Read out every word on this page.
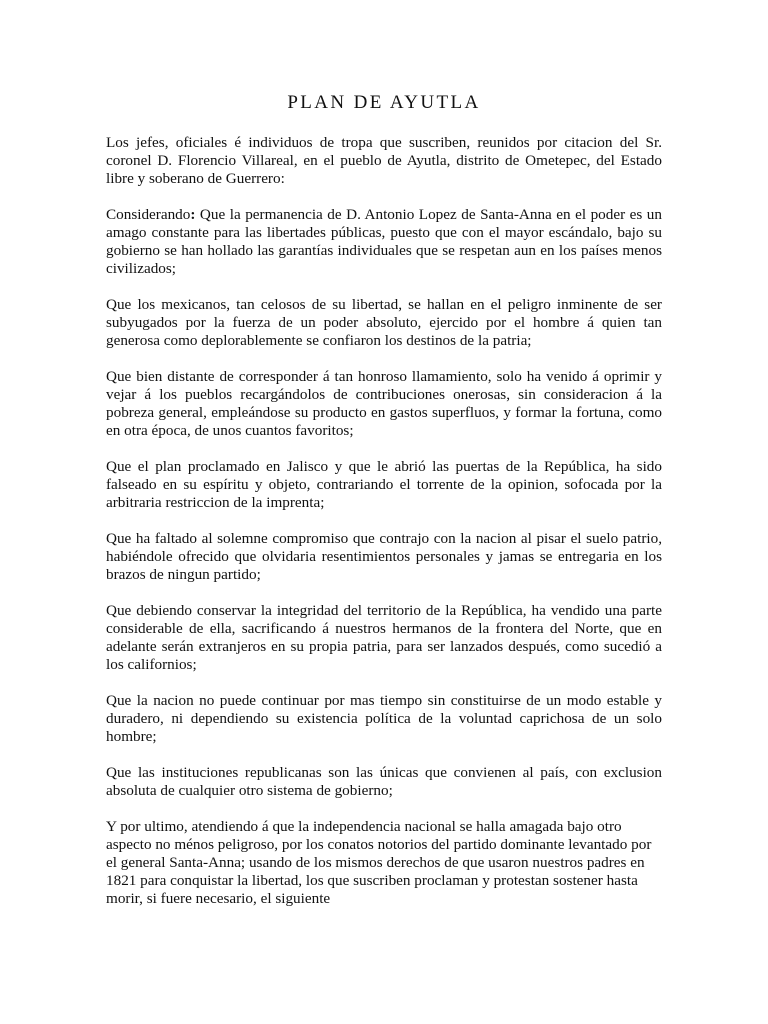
PLAN DE AYUTLA

Los jefes, oficiales é individuos de tropa que suscriben, reunidos por citacion del Sr. coronel D. Florencio Villareal, en el pueblo de Ayutla, distrito de Ometepec, del Estado libre y soberano de Guerrero:

Considerando: Que la permanencia de D. Antonio Lopez de Santa-Anna en el poder es un amago constante para las libertades públicas, puesto que con el mayor escándalo, bajo su gobierno se han hollado las garantías individuales que se respetan aun en los países menos civilizados;

Que los mexicanos, tan celosos de su libertad, se hallan en el peligro inminente de ser subyugados por la fuerza de un poder absoluto, ejercido por el hombre á quien tan generosa como deplorablemente se confiaron los destinos de la patria;

Que bien distante de corresponder á tan honroso llamamiento, solo ha venido á oprimir y vejar á los pueblos recargándolos de contribuciones onerosas, sin consideracion á la pobreza general, empleándose su producto en gastos superfluos, y formar la fortuna, como en otra época, de unos cuantos favoritos;

Que el plan proclamado en Jalisco y que le abrió las puertas de la República, ha sido falseado en su espíritu y objeto, contrariando el torrente de la opinion, sofocada por la arbitraria restriccion de la imprenta;

Que ha faltado al solemne compromiso que contrajo con la nacion al pisar el suelo patrio, habiéndole ofrecido que olvidaria resentimientos personales y jamas se entregaria en los brazos de ningun partido;

Que debiendo conservar la integridad del territorio de la República, ha vendido una parte considerable de ella, sacrificando á nuestros hermanos de la frontera del Norte, que en adelante serán extranjeros en su propia patria, para ser lanzados después, como sucedió a los californios;

Que la nacion no puede continuar por mas tiempo sin constituirse de un modo estable y duradero, ni dependiendo su existencia política de la voluntad caprichosa de un solo hombre;

Que las instituciones republicanas son las únicas que convienen al país, con exclusion absoluta de cualquier otro sistema de gobierno;

Y por ultimo, atendiendo á que la independencia nacional se halla amagada bajo otro aspecto no ménos peligroso, por los conatos notorios del partido dominante levantado por el general Santa-Anna; usando de los mismos derechos de que usaron nuestros padres en 1821 para conquistar la libertad, los que suscriben proclaman y protestan sostener hasta morir, si fuere necesario, el siguiente
